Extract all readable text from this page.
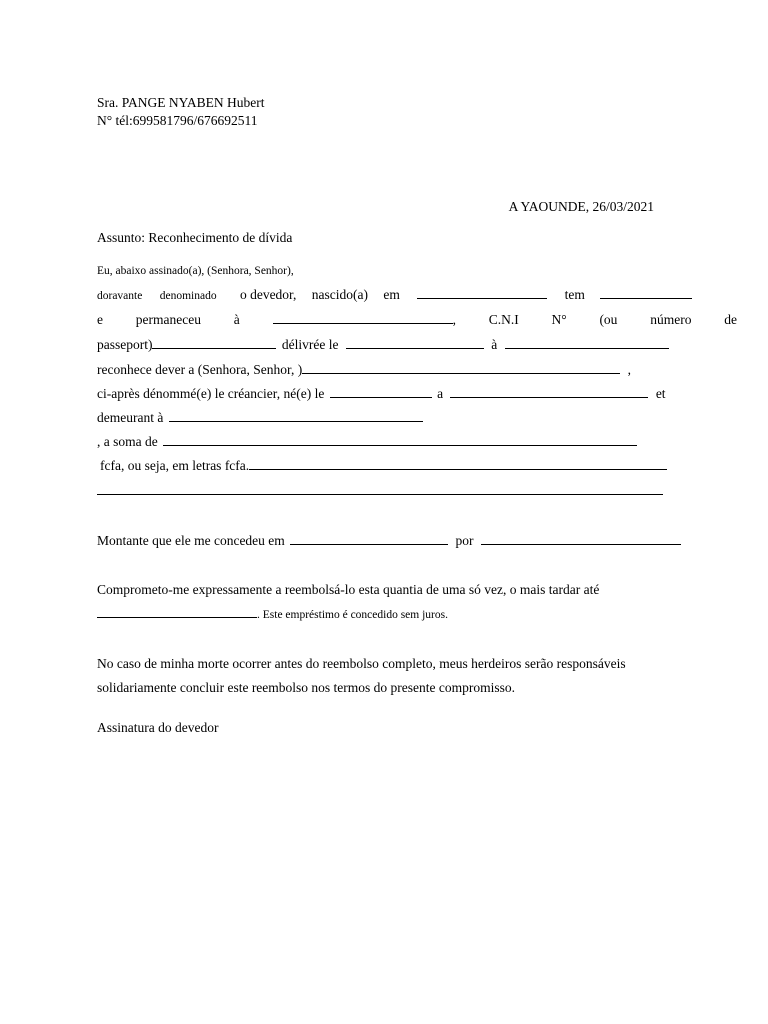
Sra. PANGE NYABEN Hubert
N° tél:699581796/676692511
A YAOUNDE, 26/03/2021
Assunto: Reconhecimento de dívida
Eu, abaixo assinado(a), (Senhora, Senhor),
doravante denominado o devedor, nascido(a) em	tem
e permaneceu à	, C.N.I N° (ou número de
passeport)	délivrée le	à
reconhece dever a (Senhora, Senhor, )	,
ci-après dénommé(e) le créancier, né(e) le	a	et
demeurant à
, a soma de
fcfa, ou seja, em letras fcfa.
Montante que ele me concedeu em	por
Comprometo-me expressamente a reembolsá-lo esta quantia de uma só vez, o mais tardar até
. Este empréstimo é concedido sem juros.
No caso de minha morte ocorrer antes do reembolso completo, meus herdeiros serão responsáveis
solidariamente concluir este reembolso nos termos do presente compromisso.
Assinatura do devedor
